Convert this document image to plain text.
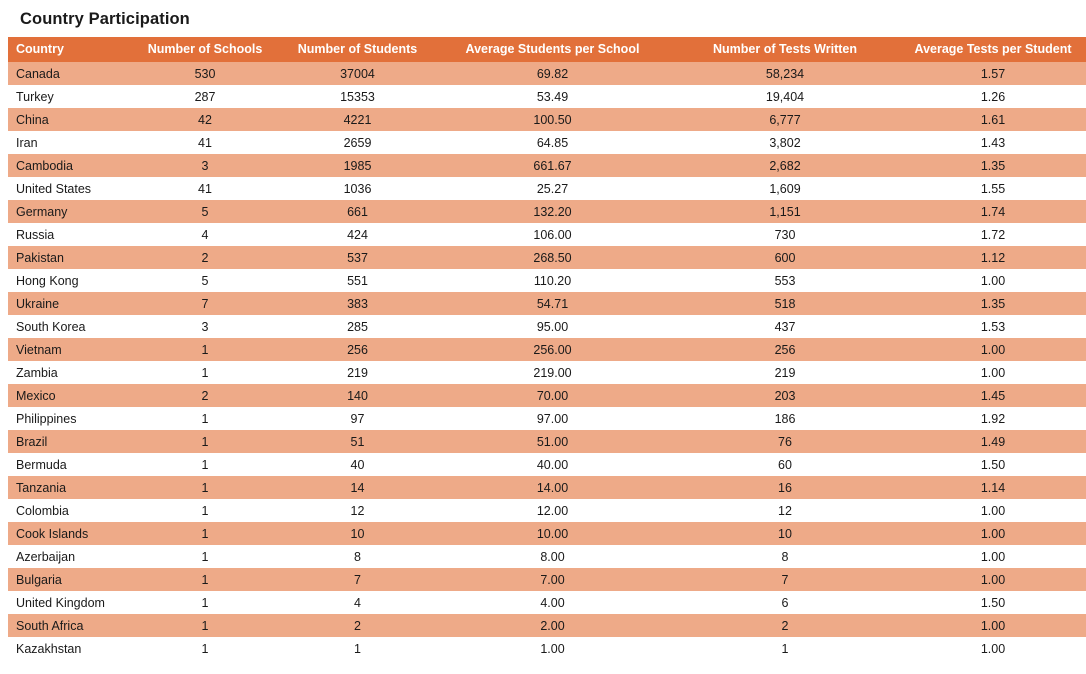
Country Participation
Country	Number of Schools	Number of Students	Average Students per School	Number of Tests Written	Average Tests per Student
Canada	530	37004	69.82	58,234	1.57
Turkey	287	15353	53.49	19,404	1.26
China	42	4221	100.50	6,777	1.61
Iran	41	2659	64.85	3,802	1.43
Cambodia	3	1985	661.67	2,682	1.35
United States	41	1036	25.27	1,609	1.55
Germany	5	661	132.20	1,151	1.74
Russia	4	424	106.00	730	1.72
Pakistan	2	537	268.50	600	1.12
Hong Kong	5	551	110.20	553	1.00
Ukraine	7	383	54.71	518	1.35
South Korea	3	285	95.00	437	1.53
Vietnam	1	256	256.00	256	1.00
Zambia	1	219	219.00	219	1.00
Mexico	2	140	70.00	203	1.45
Philippines	1	97	97.00	186	1.92
Brazil	1	51	51.00	76	1.49
Bermuda	1	40	40.00	60	1.50
Tanzania	1	14	14.00	16	1.14
Colombia	1	12	12.00	12	1.00
Cook Islands	1	10	10.00	10	1.00
Azerbaijan	1	8	8.00	8	1.00
Bulgaria	1	7	7.00	7	1.00
United Kingdom	1	4	4.00	6	1.50
South Africa	1	2	2.00	2	1.00
Kazakhstan	1	1	1.00	1	1.00
